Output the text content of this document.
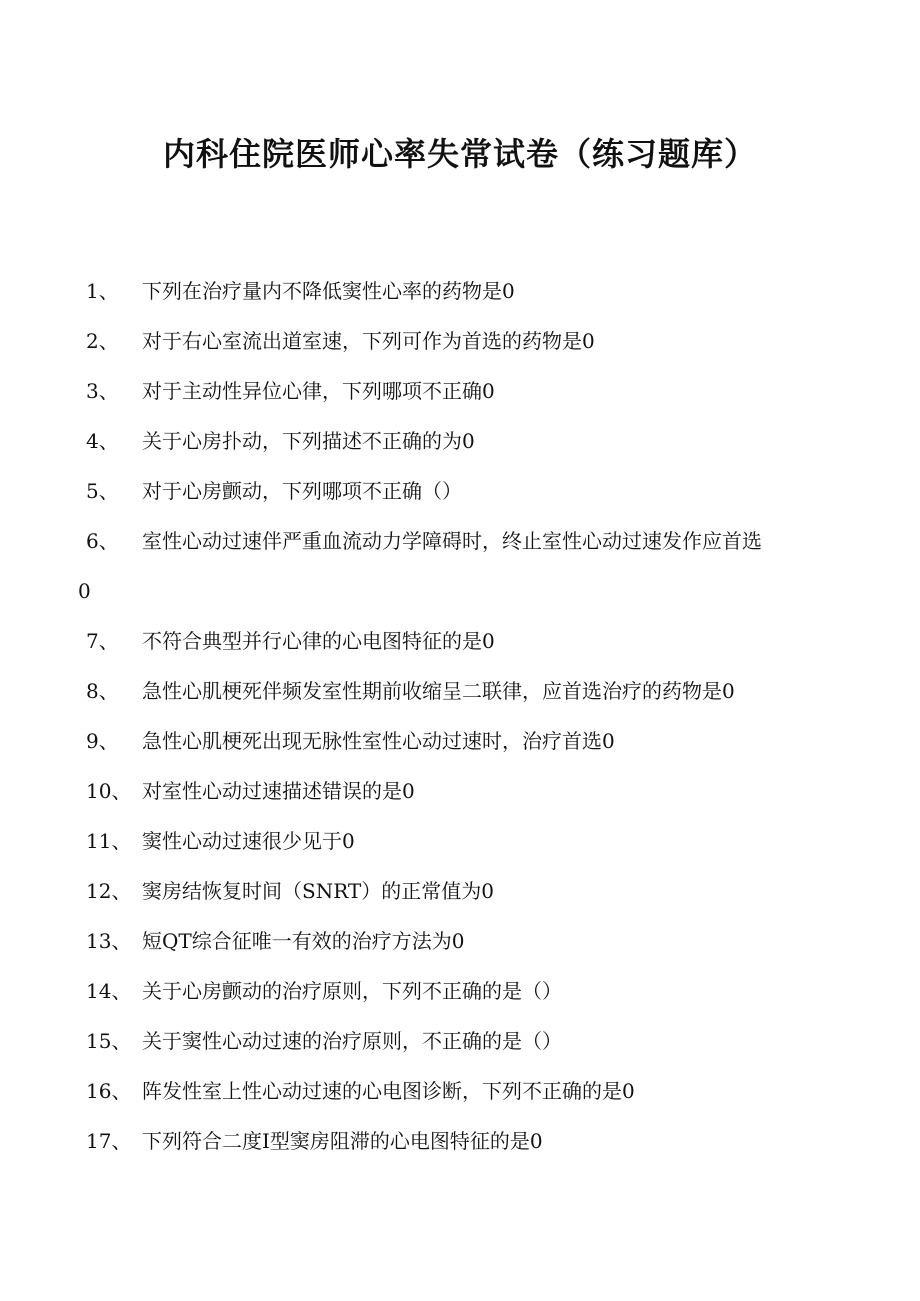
内科住院医师心率失常试卷（练习题库）
1、	下列在治疗量内不降低窦性心率的药物是0
2、	对于右心室流出道室速，下列可作为首选的药物是0
3、	对于主动性异位心律，下列哪项不正确0
4、	关于心房扑动，下列描述不正确的为0
5、	对于心房颤动，下列哪项不正确（）
6、	室性心动过速伴严重血流动力学障碍时，终止室性心动过速发作应首选
0
7、	不符合典型并行心律的心电图特征的是0
8、	急性心肌梗死伴频发室性期前收缩呈二联律，应首选治疗的药物是0
9、	急性心肌梗死出现无脉性室性心动过速时，治疗首选0
10、 对室性心动过速描述错误的是0
11、 窦性心动过速很少见于0
12、 窦房结恢复时间（SNRT）的正常值为0
13、 短QT综合征唯一有效的治疗方法为0
14、 关于心房颤动的治疗原则，下列不正确的是（）
15、 关于窦性心动过速的治疗原则，不正确的是（）
16、 阵发性室上性心动过速的心电图诊断，下列不正确的是0
17、 下列符合二度Ⅰ型窦房阻滞的心电图特征的是0
